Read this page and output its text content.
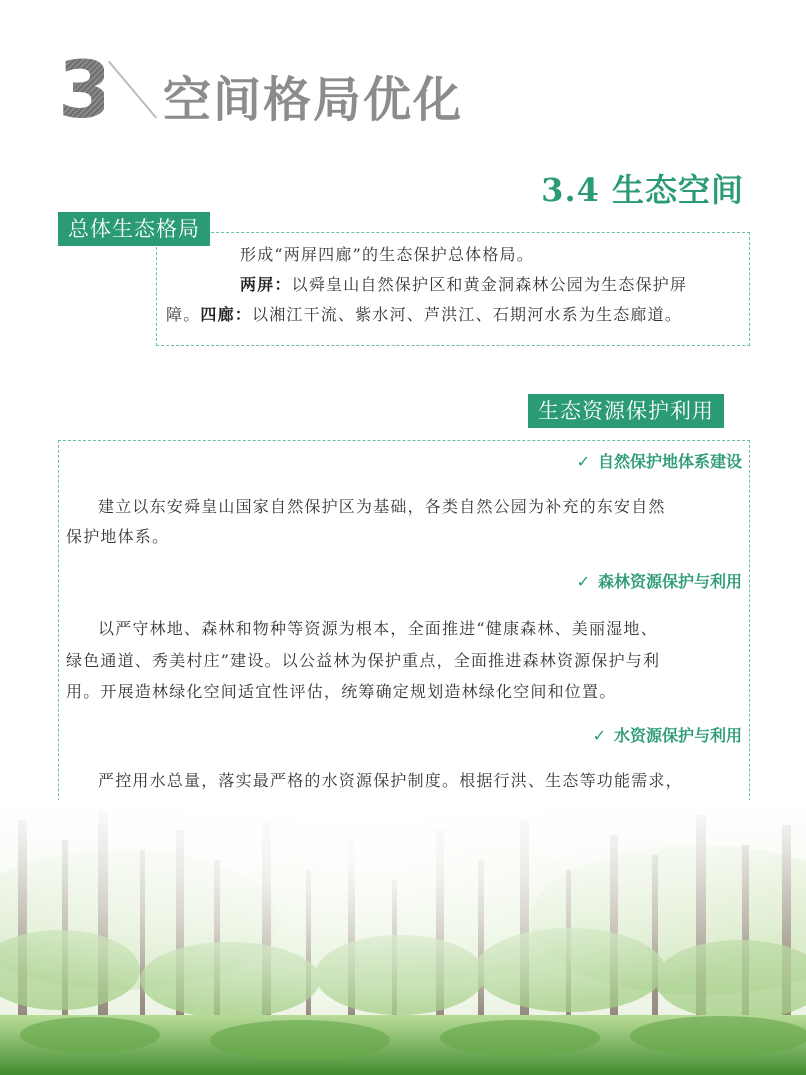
3 空间格局优化
3.4 生态空间
总体生态格局
形成“两屏四廊”的生态保护总体格局。
两屏：以舜皇山自然保护区和黄金洞森林公园为生态保护屏
障。四廊：以湘江干流、紫水河、芦洪江、石期河水系为生态廊道。
生态资源保护利用
✓ 自然保护地体系建设
建立以东安舜皇山国家自然保护区为基础，各类自然公园为补充的东安自然
保护地体系。
✓ 森林资源保护与利用
以严守林地、森林和物种等资源为根本，全面推进“健康森林、美丽湿地、
绿色通道、秀美村庄”建设。以公益林为保护重点，全面推进森林资源保护与利
用。开展造林绿化空间适宜性评估，统筹确定规划造林绿化空间和位置。
✓ 水资源保护与利用
严控用水总量，落实最严格的水资源保护制度。根据行洪、生态等功能需求，
